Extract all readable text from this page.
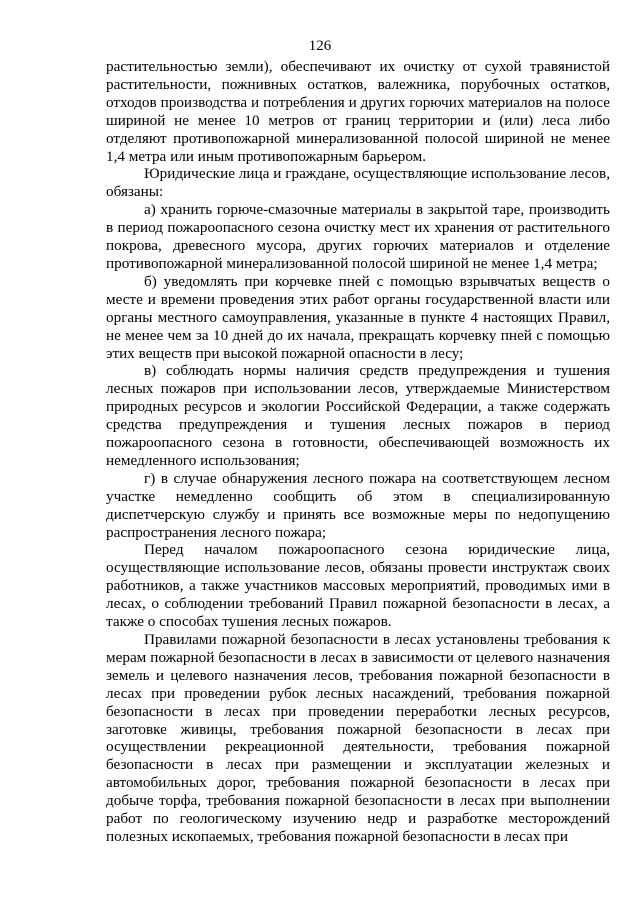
126

растительностью земли), обеспечивают их очистку от сухой травянистой растительности, пожнивных остатков, валежника, порубочных остатков, отходов производства и потребления и других горючих материалов на полосе шириной не менее 10 метров от границ территории и (или) леса либо отделяют противопожарной минерализованной полосой шириной не менее 1,4 метра или иным противопожарным барьером.

Юридические лица и граждане, осуществляющие использование лесов, обязаны:

а) хранить горюче-смазочные материалы в закрытой таре, производить в период пожароопасного сезона очистку мест их хранения от растительного покрова, древесного мусора, других горючих материалов и отделение противопожарной минерализованной полосой шириной не менее 1,4 метра;

б) уведомлять при корчевке пней с помощью взрывчатых веществ о месте и времени проведения этих работ органы государственной власти или органы местного самоуправления, указанные в пункте 4 настоящих Правил, не менее чем за 10 дней до их начала, прекращать корчевку пней с помощью этих веществ при высокой пожарной опасности в лесу;

в) соблюдать нормы наличия средств предупреждения и тушения лесных пожаров при использовании лесов, утверждаемые Министерством природных ресурсов и экологии Российской Федерации, а также содержать средства предупреждения и тушения лесных пожаров в период пожароопасного сезона в готовности, обеспечивающей возможность их немедленного использования;

г) в случае обнаружения лесного пожара на соответствующем лесном участке немедленно сообщить об этом в специализированную диспетчерскую службу и принять все возможные меры по недопущению распространения лесного пожара;

Перед началом пожароопасного сезона юридические лица, осуществляющие использование лесов, обязаны провести инструктаж своих работников, а также участников массовых мероприятий, проводимых ими в лесах, о соблюдении требований Правил пожарной безопасности в лесах, а также о способах тушения лесных пожаров.

Правилами пожарной безопасности в лесах установлены требования к мерам пожарной безопасности в лесах в зависимости от целевого назначения земель и целевого назначения лесов, требования пожарной безопасности в лесах при проведении рубок лесных насаждений, требования пожарной безопасности в лесах при проведении переработки лесных ресурсов, заготовке живицы, требования пожарной безопасности в лесах при осуществлении рекреационной деятельности, требования пожарной безопасности в лесах при размещении и эксплуатации железных и автомобильных дорог, требования пожарной безопасности в лесах при добыче торфа, требования пожарной безопасности в лесах при выполнении работ по геологическому изучению недр и разработке месторождений полезных ископаемых, требования пожарной безопасности в лесах при
